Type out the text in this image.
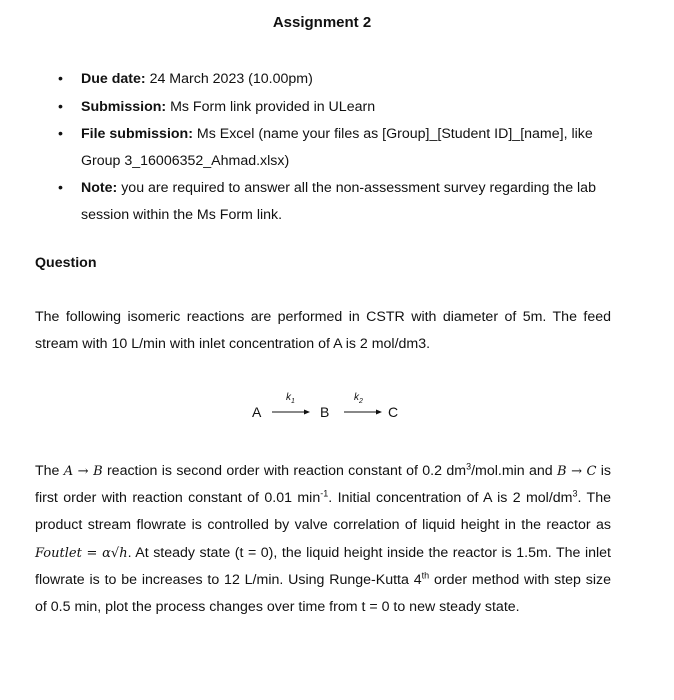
Assignment 2
• Due date: 24 March 2023 (10.00pm)
• Submission: Ms Form link provided in ULearn
• File submission: Ms Excel (name your files as [Group]_[Student ID]_[name], like Group 3_16006352_Ahmad.xlsx)
• Note: you are required to answer all the non-assessment survey regarding the lab session within the Ms Form link.
Question
The following isomeric reactions are performed in CSTR with diameter of 5m. The feed stream with 10 L/min with inlet concentration of A is 2 mol/dm3.
A
$k_1$
B
$k_2$
C
The A → B reaction is second order with reaction constant of 0.2 $dm^3/mol.\min$ and B → C is first order with reaction constant of 0.01 $\min^{-1}$. Initial concentration of A is 2 mol/$dm^3$. The product stream flowrate is controlled by valve correlation of liquid height in the reactor as Foutlet = α√h. At steady state (t = 0), the liquid height inside the reactor is 1.5m. The inlet flowrate is to be increases to 12 L/min. Using Runge-Kutta 4th order method with step size of 0.5 min, plot the process changes over time from t = 0 to new steady state.
